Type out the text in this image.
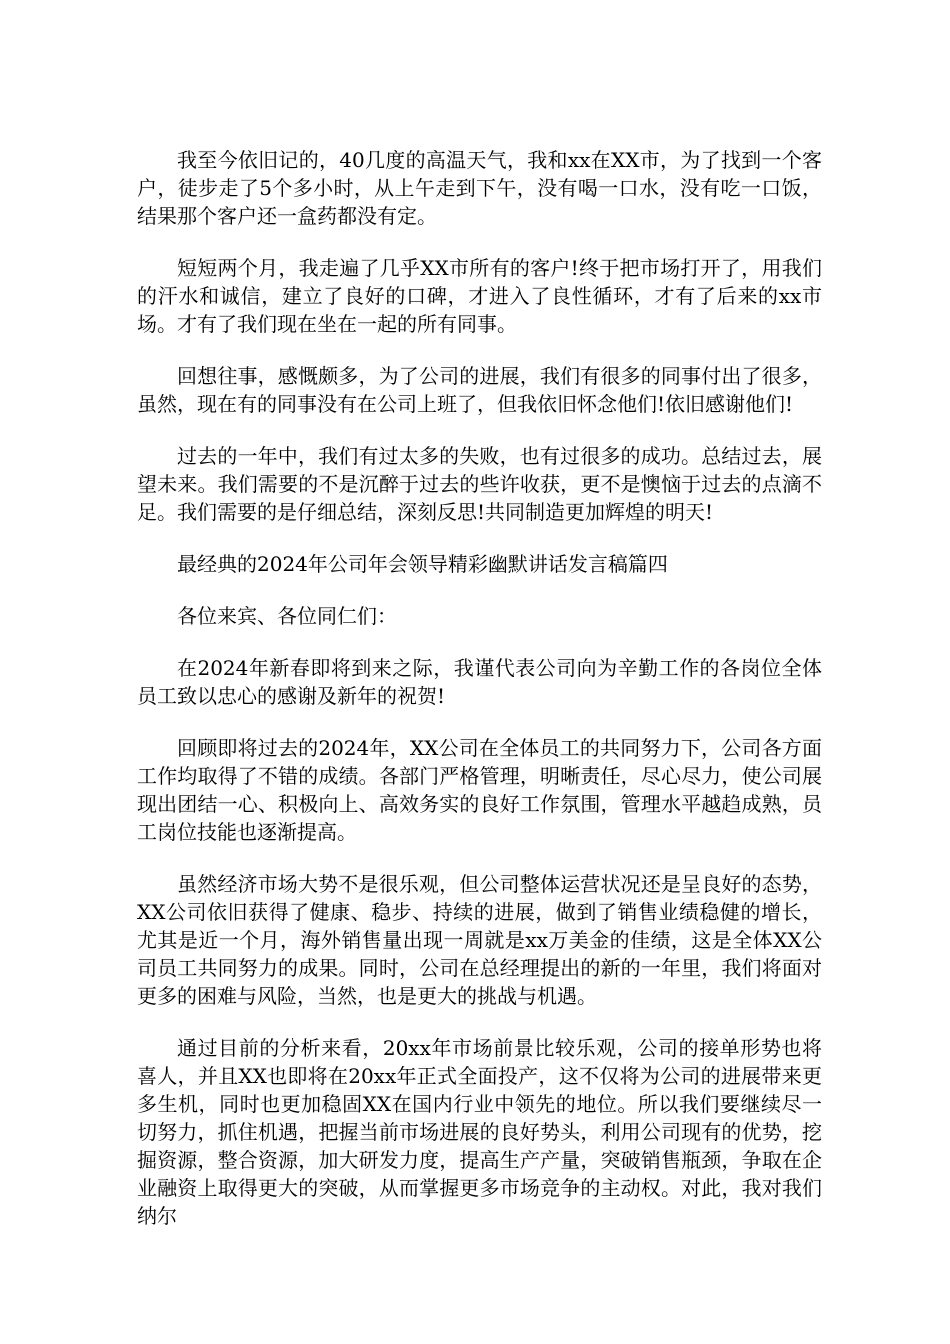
我至今依旧记的，40几度的高温天气，我和xx在XX市，为了找到一个客户，徒步走了5个多小时，从上午走到下午，没有喝一口水，没有吃一口饭，结果那个客户还一盒药都没有定。

短短两个月，我走遍了几乎XX市所有的客户!终于把市场打开了，用我们的汗水和诚信，建立了良好的口碑，才进入了良性循环，才有了后来的xx市场。才有了我们现在坐在一起的所有同事。

回想往事，感慨颇多，为了公司的进展，我们有很多的同事付出了很多，虽然，现在有的同事没有在公司上班了，但我依旧怀念他们!依旧感谢他们!

过去的一年中，我们有过太多的失败，也有过很多的成功。总结过去，展望未来。我们需要的不是沉醉于过去的些许收获，更不是懊恼于过去的点滴不足。我们需要的是仔细总结，深刻反思!共同制造更加辉煌的明天!

最经典的2024年公司年会领导精彩幽默讲话发言稿篇四

各位来宾、各位同仁们：

在2024年新春即将到来之际，我谨代表公司向为辛勤工作的各岗位全体员工致以忠心的感谢及新年的祝贺!

回顾即将过去的2024年，XX公司在全体员工的共同努力下，公司各方面工作均取得了不错的成绩。各部门严格管理，明晰责任，尽心尽力，使公司展现出团结一心、积极向上、高效务实的良好工作氛围，管理水平越趋成熟，员工岗位技能也逐渐提高。

虽然经济市场大势不是很乐观，但公司整体运营状况还是呈良好的态势，XX公司依旧获得了健康、稳步、持续的进展，做到了销售业绩稳健的增长，尤其是近一个月，海外销售量出现一周就是xx万美金的佳绩，这是全体XX公司员工共同努力的成果。同时，公司在总经理提出的新的一年里，我们将面对更多的困难与风险，当然，也是更大的挑战与机遇。

通过目前的分析来看，20xx年市场前景比较乐观，公司的接单形势也将喜人，并且XX也即将在20xx年正式全面投产，这不仅将为公司的进展带来更多生机，同时也更加稳固XX在国内行业中领先的地位。所以我们要继续尽一切努力，抓住机遇，把握当前市场进展的良好势头，利用公司现有的优势，挖掘资源，整合资源，加大研发力度，提高生产产量，突破销售瓶颈，争取在企业融资上取得更大的突破，从而掌握更多市场竞争的主动权。对此，我对我们纳尔
